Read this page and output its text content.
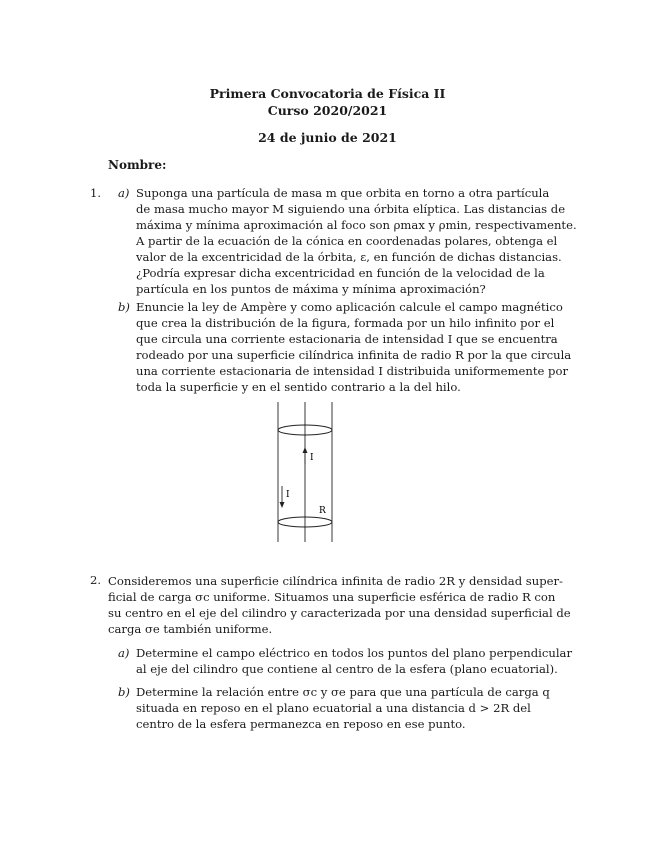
Primera Convocatoria de Física II
Curso 2020/2021
24 de junio de 2021
Nombre:
1. a) Suponga una partícula de masa m que orbita en torno a otra partícula
de masa mucho mayor M siguiendo una órbita elíptica. Las distancias de
máxima y mínima aproximación al foco son ρmax y ρmin, respectivamente.
A partir de la ecuación de la cónica en coordenadas polares, obtenga el
valor de la excentricidad de la órbita, ε, en función de dichas distancias.
¿Podría expresar dicha excentricidad en función de la velocidad de la
partícula en los puntos de máxima y mínima aproximación?
b) Enuncie la ley de Ampère y como aplicación calcule el campo magnético
que crea la distribución de la figura, formada por un hilo infinito por el
que circula una corriente estacionaria de intensidad I que se encuentra
rodeado por una superficie cilíndrica infinita de radio R por la que circula
una corriente estacionaria de intensidad I distribuida uniformemente por
toda la superficie y en el sentido contrario a la del hilo.
I
I
R
2. Consideremos una superficie cilíndrica infinita de radio 2R y densidad super-
ficial de carga σc uniforme. Situamos una superficie esférica de radio R con
su centro en el eje del cilindro y caracterizada por una densidad superficial de
carga σe también uniforme.
a) Determine el campo eléctrico en todos los puntos del plano perpendicular
al eje del cilindro que contiene al centro de la esfera (plano ecuatorial).
b) Determine la relación entre σc y σe para que una partícula de carga q
situada en reposo en el plano ecuatorial a una distancia d > 2R del
centro de la esfera permanezca en reposo en ese punto.
